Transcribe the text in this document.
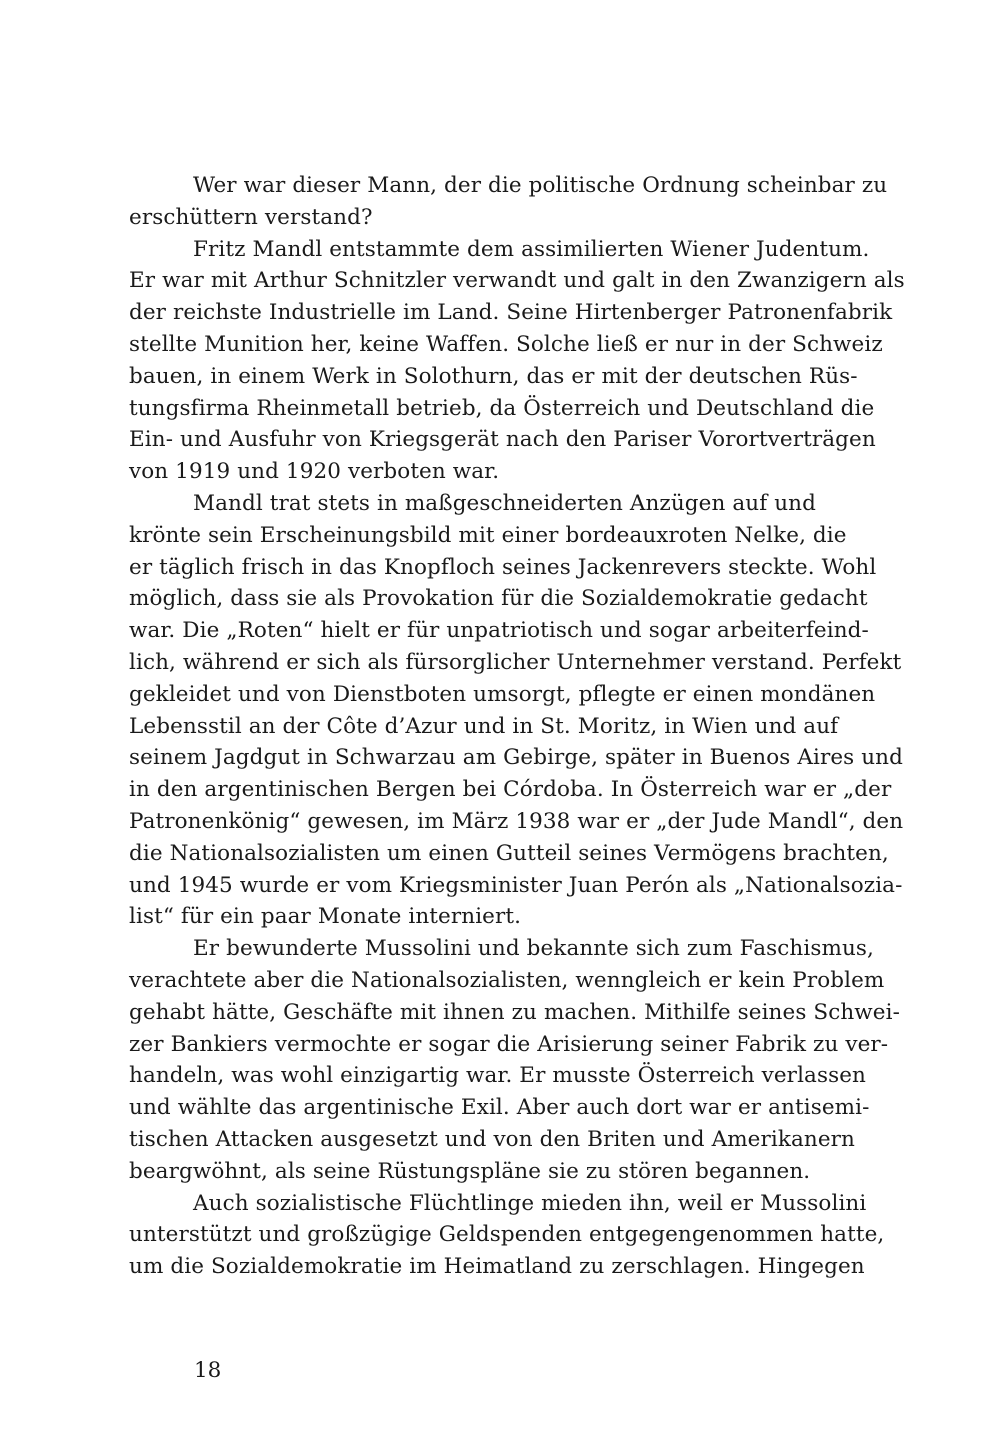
Wer war dieser Mann, der die politische Ordnung scheinbar zu
erschüttern verstand?
Fritz Mandl entstammte dem assimilierten Wiener Judentum.
Er war mit Arthur Schnitzler verwandt und galt in den Zwanzigern als
der reichste Industrielle im Land. Seine Hirtenberger Patronenfabrik
stellte Munition her, keine Waffen. Solche ließ er nur in der Schweiz
bauen, in einem Werk in Solothurn, das er mit der deutschen Rüs-
tungsfirma Rheinmetall betrieb, da Österreich und Deutschland die
Ein- und Ausfuhr von Kriegsgerät nach den Pariser Vorortverträgen
von 1919 und 1920 verboten war.
Mandl trat stets in maßgeschneiderten Anzügen auf und
krönte sein Erscheinungsbild mit einer bordeauxroten Nelke, die
er täglich frisch in das Knopfloch seines Jackenrevers steckte. Wohl
möglich, dass sie als Provokation für die Sozialdemokratie gedacht
war. Die „Roten“ hielt er für unpatriotisch und sogar arbeiterfeind-
lich, während er sich als fürsorglicher Unternehmer verstand. Perfekt
gekleidet und von Dienstboten umsorgt, pflegte er einen mondänen
Lebensstil an der Côte d’Azur und in St. Moritz, in Wien und auf
seinem Jagdgut in Schwarzau am Gebirge, später in Buenos Aires und
in den argentinischen Bergen bei Córdoba. In Österreich war er „der
Patronenkönig“ gewesen, im März 1938 war er „der Jude Mandl“, den
die Nationalsozialisten um einen Gutteil seines Vermögens brachten,
und 1945 wurde er vom Kriegsminister Juan Perón als „Nationalsozia-
list“ für ein paar Monate interniert.
Er bewunderte Mussolini und bekannte sich zum Faschismus,
verachtete aber die Nationalsozialisten, wenngleich er kein Problem
gehabt hätte, Geschäfte mit ihnen zu machen. Mithilfe seines Schwei-
zer Bankiers vermochte er sogar die Arisierung seiner Fabrik zu ver-
handeln, was wohl einzigartig war. Er musste Österreich verlassen
und wählte das argentinische Exil. Aber auch dort war er antisemi-
tischen Attacken ausgesetzt und von den Briten und Amerikanern
beargwöhnt, als seine Rüstungspläne sie zu stören begannen.
Auch sozialistische Flüchtlinge mieden ihn, weil er Mussolini
unterstützt und großzügige Geldspenden entgegengenommen hatte,
um die Sozialdemokratie im Heimatland zu zerschlagen. Hingegen
18
